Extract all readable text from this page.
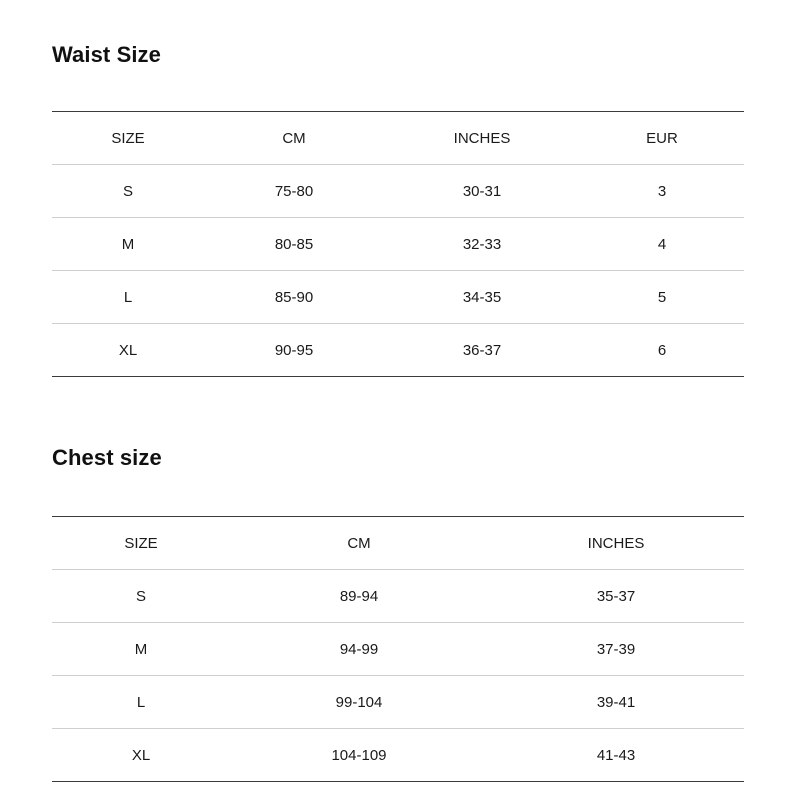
Waist Size
SIZE	CM	INCHES	EUR
S	75-80	30-31	3
M	80-85	32-33	4
L	85-90	34-35	5
XL	90-95	36-37	6
Chest size
SIZE	CM	INCHES
S	89-94	35-37
M	94-99	37-39
L	99-104	39-41
XL	104-109	41-43
